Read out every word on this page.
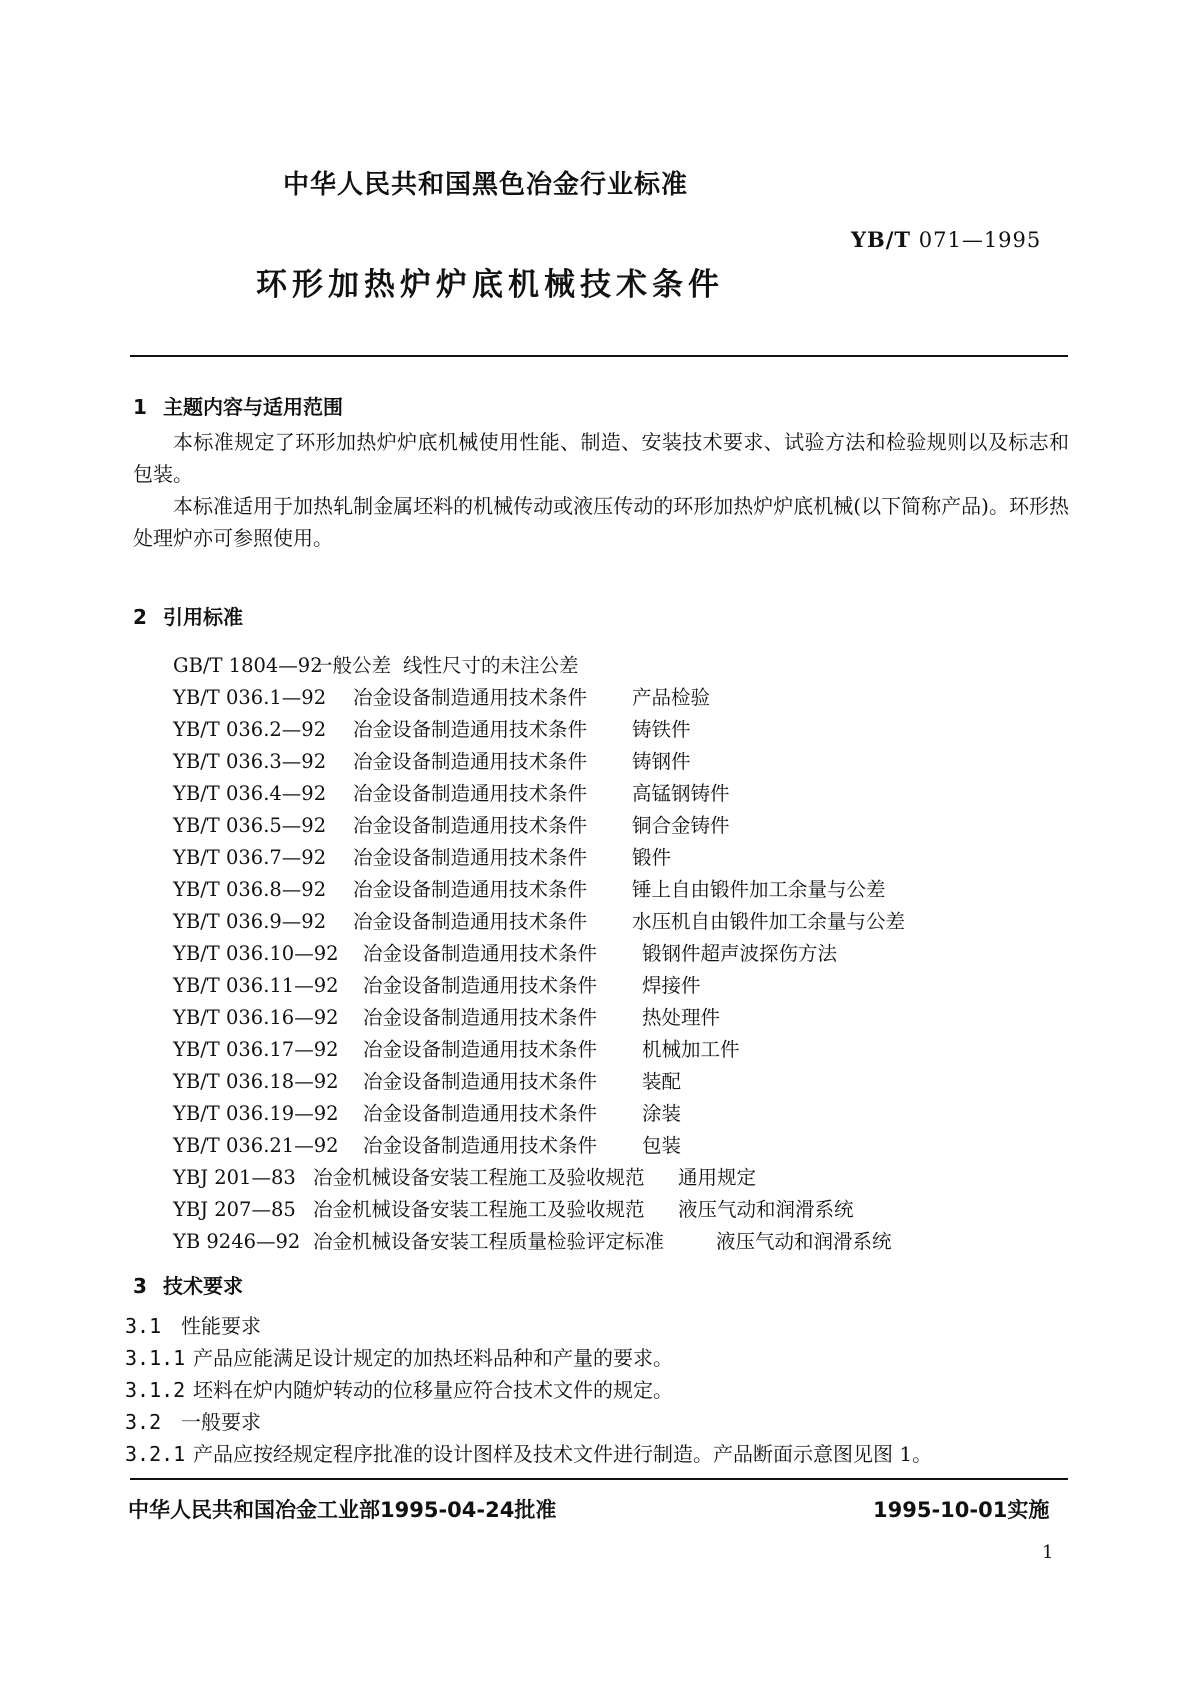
中华人民共和国黑色冶金行业标准
YB/T 071—1995
环形加热炉炉底机械技术条件
1 主题内容与适用范围

本标准规定了环形加热炉炉底机械使用性能、制造、安装技术要求、试验方法和检验规则以及标志和包装。

本标准适用于加热轧制金属坯料的机械传动或液压传动的环形加热炉炉底机械(以下简称产品)。环形热处理炉亦可参照使用。

2 引用标准
GB/T 1804—92一般公差 线性尺寸的未注公差
YB/T 036.1—92 冶金设备制造通用技术条件 产品检验
YB/T 036.2—92 冶金设备制造通用技术条件 铸铁件
YB/T 036.3—92 冶金设备制造通用技术条件 铸钢件
YB/T 036.4—92 冶金设备制造通用技术条件 高锰钢铸件
YB/T 036.5—92 冶金设备制造通用技术条件 铜合金铸件
YB/T 036.7—92 冶金设备制造通用技术条件 锻件
YB/T 036.8—92 冶金设备制造通用技术条件 锤上自由锻件加工余量与公差
YB/T 036.9—92 冶金设备制造通用技术条件 水压机自由锻件加工余量与公差
YB/T 036.10—92 冶金设备制造通用技术条件 锻钢件超声波探伤方法
YB/T 036.11—92 冶金设备制造通用技术条件 焊接件
YB/T 036.16—92 冶金设备制造通用技术条件 热处理件
YB/T 036.17—92 冶金设备制造通用技术条件 机械加工件
YB/T 036.18—92 冶金设备制造通用技术条件 装配
YB/T 036.19—92 冶金设备制造通用技术条件 涂装
YB/T 036.21—92 冶金设备制造通用技术条件 包装
YBJ 201—83 冶金机械设备安装工程施工及验收规范 通用规定
YBJ 207—85 冶金机械设备安装工程施工及验收规范 液压气动和润滑系统
YB 9246—92 冶金机械设备安装工程质量检验评定标准	液压气动和润滑系统
3 技术要求
3.1 性能要求
3.1.1 产品应能满足设计规定的加热坯料品种和产量的要求。
3.1.2 坯料在炉内随炉转动的位移量应符合技术文件的规定。
3.2 一般要求
3.2.1 产品应按经规定程序批准的设计图样及技术文件进行制造。产品断面示意图见图 1。
中华人民共和国冶金工业部1995-04-24批准	1995-10-01实施
1
